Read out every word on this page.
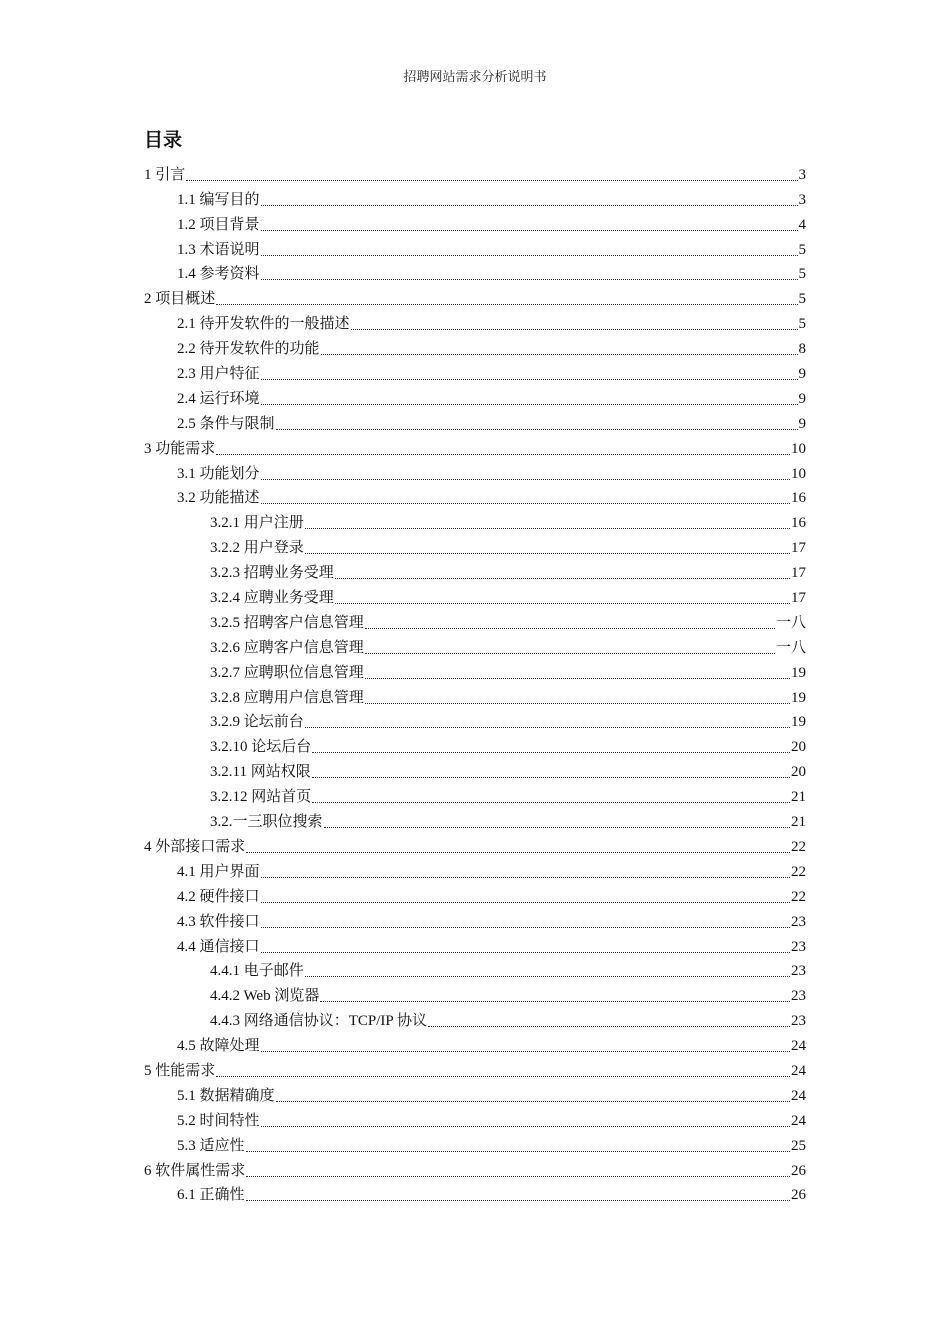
招聘网站需求分析说明书
目录
1 引言	3
1.1 编写目的	3
1.2 项目背景	4
1.3 术语说明	5
1.4 参考资料	5
2 项目概述	5
2.1 待开发软件的一般描述	5
2.2 待开发软件的功能	8
2.3 用户特征	9
2.4 运行环境	9
2.5 条件与限制	9
3 功能需求	10
3.1 功能划分	10
3.2 功能描述	16
3.2.1 用户注册	16
3.2.2 用户登录	17
3.2.3 招聘业务受理	17
3.2.4 应聘业务受理	17
3.2.5 招聘客户信息管理	一八
3.2.6 应聘客户信息管理	一八
3.2.7 应聘职位信息管理	19
3.2.8 应聘用户信息管理	19
3.2.9 论坛前台	19
3.2.10 论坛后台	20
3.2.11 网站权限	20
3.2.12 网站首页	21
3.2.一三职位搜索	21
4 外部接口需求	22
4.1 用户界面	22
4.2 硬件接口	22
4.3 软件接口	23
4.4 通信接口	23
4.4.1 电子邮件	23
4.4.2 Web 浏览器	23
4.4.3 网络通信协议：TCP/IP 协议	23
4.5 故障处理	24
5 性能需求	24
5.1 数据精确度	24
5.2 时间特性	24
5.3 适应性	25
6 软件属性需求	26
6.1 正确性	26
